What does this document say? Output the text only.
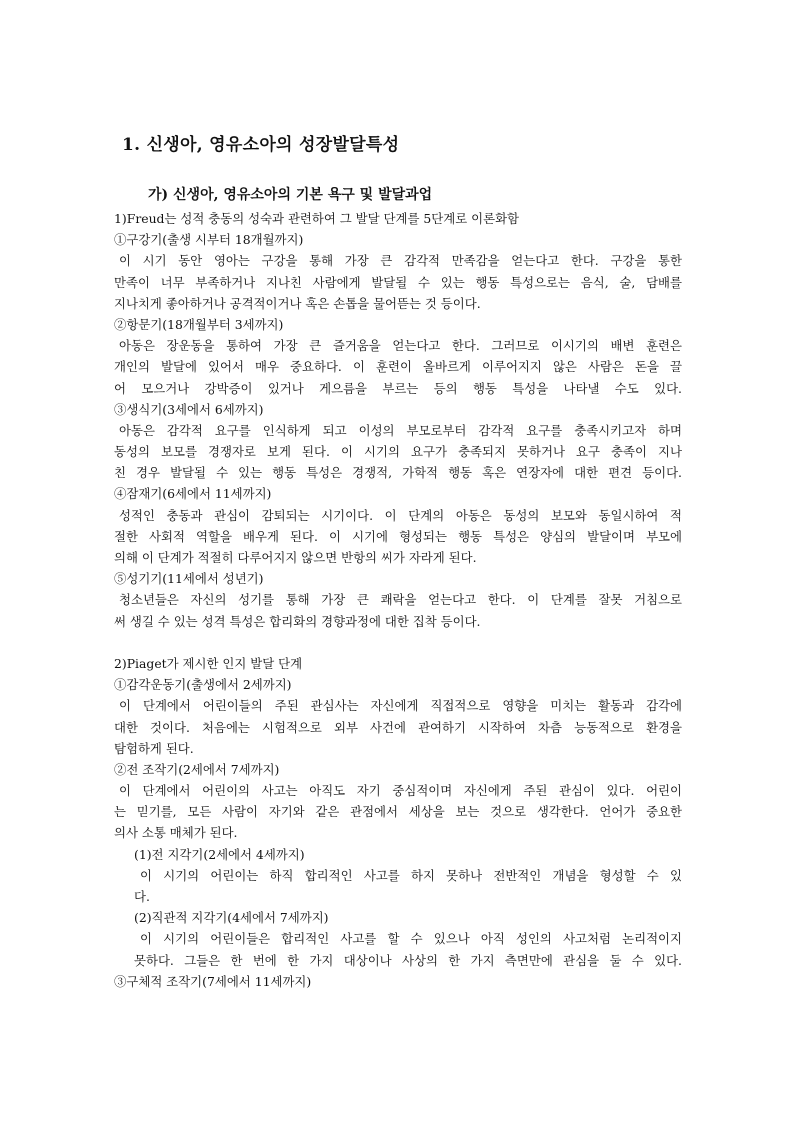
1. 신생아, 영유소아의 성장발달특성
가) 신생아, 영유소아의 기본 욕구 및 발달과업
1)Freud는 성적 충동의 성숙과 관련하여 그 발달 단계를 5단계로 이론화함
①구강기(출생 시부터 18개월까지)
이 시기 동안 영아는 구강을 통해 가장 큰 감각적 만족감을 얻는다고 한다. 구강을 통한
만족이 너무 부족하거나 지나친 사람에게 발달될 수 있는 행동 특성으로는 음식, 술, 담배를
지나치게 좋아하거나 공격적이거나 혹은 손톱을 물어뜯는 것 등이다.
②항문기(18개월부터 3세까지)
아동은 장운동을 통하여 가장 큰 즐거움을 얻는다고 한다. 그러므로 이시기의 배변 훈련은
개인의 발달에 있어서 매우 중요하다. 이 훈련이 올바르게 이루어지지 않은 사람은 돈을 끌
어 모으거나 강박증이 있거나 게으름을 부르는 등의 행동 특성을 나타낼 수도 있다.
③생식기(3세에서 6세까지)
아동은 감각적 요구를 인식하게 되고 이성의 부모로부터 감각적 요구를 충족시키고자 하며
동성의 보모를 경쟁자로 보게 된다. 이 시기의 요구가 충족되지 못하거나 요구 충족이 지나
친 경우 발달될 수 있는 행동 특성은 경쟁적, 가학적 행동 혹은 연장자에 대한 편견 등이다.
④잠재기(6세에서 11세까지)
성적인 충동과 관심이 감퇴되는 시기이다. 이 단계의 아동은 동성의 보모와 동일시하여 적
절한 사회적 역할을 배우게 된다. 이 시기에 형성되는 행동 특성은 양심의 발달이며 부모에
의해 이 단계가 적절히 다루어지지 않으면 반항의 씨가 자라게 된다.
⑤성기기(11세에서 성년기)
청소년들은 자신의 성기를 통해 가장 큰 쾌락을 얻는다고 한다. 이 단계를 잘못 거침으로
써 생길 수 있는 성격 특성은 합리화의 경향과정에 대한 집착 등이다.
2)Piaget가 제시한 인지 발달 단계
①감각운동기(출생에서 2세까지)
이 단계에서 어린이들의 주된 관심사는 자신에게 직접적으로 영향을 미치는 활동과 감각에
대한 것이다. 처음에는 시험적으로 외부 사건에 관여하기 시작하여 차츰 능동적으로 환경을
탐험하게 된다.
②전 조작기(2세에서 7세까지)
이 단계에서 어린이의 사고는 아직도 자기 중심적이며 자신에게 주된 관심이 있다. 어린이
는 믿기를, 모든 사람이 자기와 같은 관점에서 세상을 보는 것으로 생각한다. 언어가 중요한
의사 소통 매체가 된다.
(1)전 지각기(2세에서 4세까지)
이 시기의 어린이는 하직 합리적인 사고를 하지 못하나 전반적인 개념을 형성할 수 있
다.
(2)직관적 지각기(4세에서 7세까지)
이 시기의 어린이들은 합리적인 사고를 할 수 있으나 아직 성인의 사고처럼 논리적이지
못하다. 그들은 한 번에 한 가지 대상이나 사상의 한 가지 측면만에 관심을 둘 수 있다.
③구체적 조작기(7세에서 11세까지)
